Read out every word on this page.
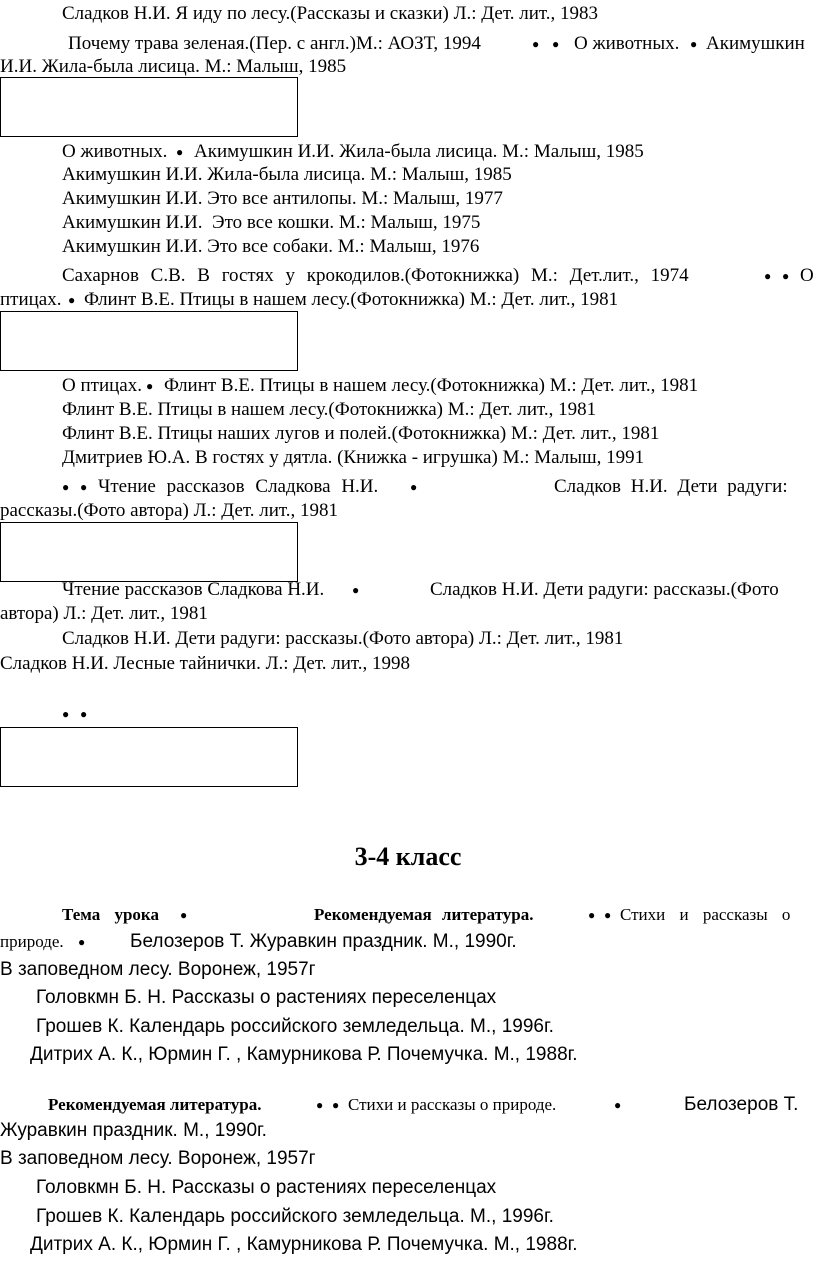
Сладков Н.И. Я иду по лесу.(Рассказы и сказки) Л.: Дет. лит., 1983
Почему трава зеленая.(Пер. с англ.)М.: АОЗТ, 1994	● ● О животных. ● Акимушкин
И.И. Жила-была лисица. М.: Малыш, 1985
О животных. ● Акимушкин И.И. Жила-была лисица. М.: Малыш, 1985
Акимушкин И.И. Жила-была лисица. М.: Малыш, 1985
Акимушкин И.И. Это все антилопы. М.: Малыш, 1977
Акимушкин И.И.  Это все кошки. М.: Малыш, 1975
Акимушкин И.И. Это все собаки. М.: Малыш, 1976
Сахарнов С.В. В гостях у крокодилов.(Фотокнижка) М.: Дет.лит., 1974	● ● О
птицах. ● Флинт В.Е. Птицы в нашем лесу.(Фотокнижка) М.: Дет. лит., 1981
О птицах. ● Флинт В.Е. Птицы в нашем лесу.(Фотокнижка) М.: Дет. лит., 1981
Флинт В.Е. Птицы в нашем лесу.(Фотокнижка) М.: Дет. лит., 1981
Флинт В.Е. Птицы наших лугов и полей.(Фотокнижка) М.: Дет. лит., 1981
Дмитриев Ю.А. В гостях у дятла. (Книжка - игрушка) М.: Малыш, 1991
● ● Чтение рассказов Сладкова Н.И.	●	Сладков Н.И. Дети радуги:
рассказы.(Фото автора) Л.: Дет. лит., 1981
Чтение рассказов Сладкова Н.И. ●	Сладков Н.И. Дети радуги: рассказы.(Фото
автора) Л.: Дет. лит., 1981
Сладков Н.И. Дети радуги: рассказы.(Фото автора) Л.: Дет. лит., 1981
Сладков Н.И. Лесные тайнички. Л.: Дет. лит., 1998
● ●
3-4 класс
Тема урока ●	Рекомендуемая литература.	● ● Стихи и рассказы о
природе. ● Белозеров Т. Журавкин праздник. М., 1990г.
В заповедном лесу. Воронеж, 1957г
Головкмн Б. Н. Рассказы о растениях переселенцах
Грошев К. Календарь российского земледельца. М., 1996г.
Дитрих А. К., Юрмин Г. , Камурникова Р. Почемучка. М., 1988г.
Рекомендуемая литература.	● ● Стихи и рассказы о природе.	●	Белозеров Т.
Журавкин праздник. М., 1990г.
В заповедном лесу. Воронеж, 1957г
Головкмн Б. Н. Рассказы о растениях переселенцах
Грошев К. Календарь российского земледельца. М., 1996г.
Дитрих А. К., Юрмин Г. , Камурникова Р. Почемучка. М., 1988г.
